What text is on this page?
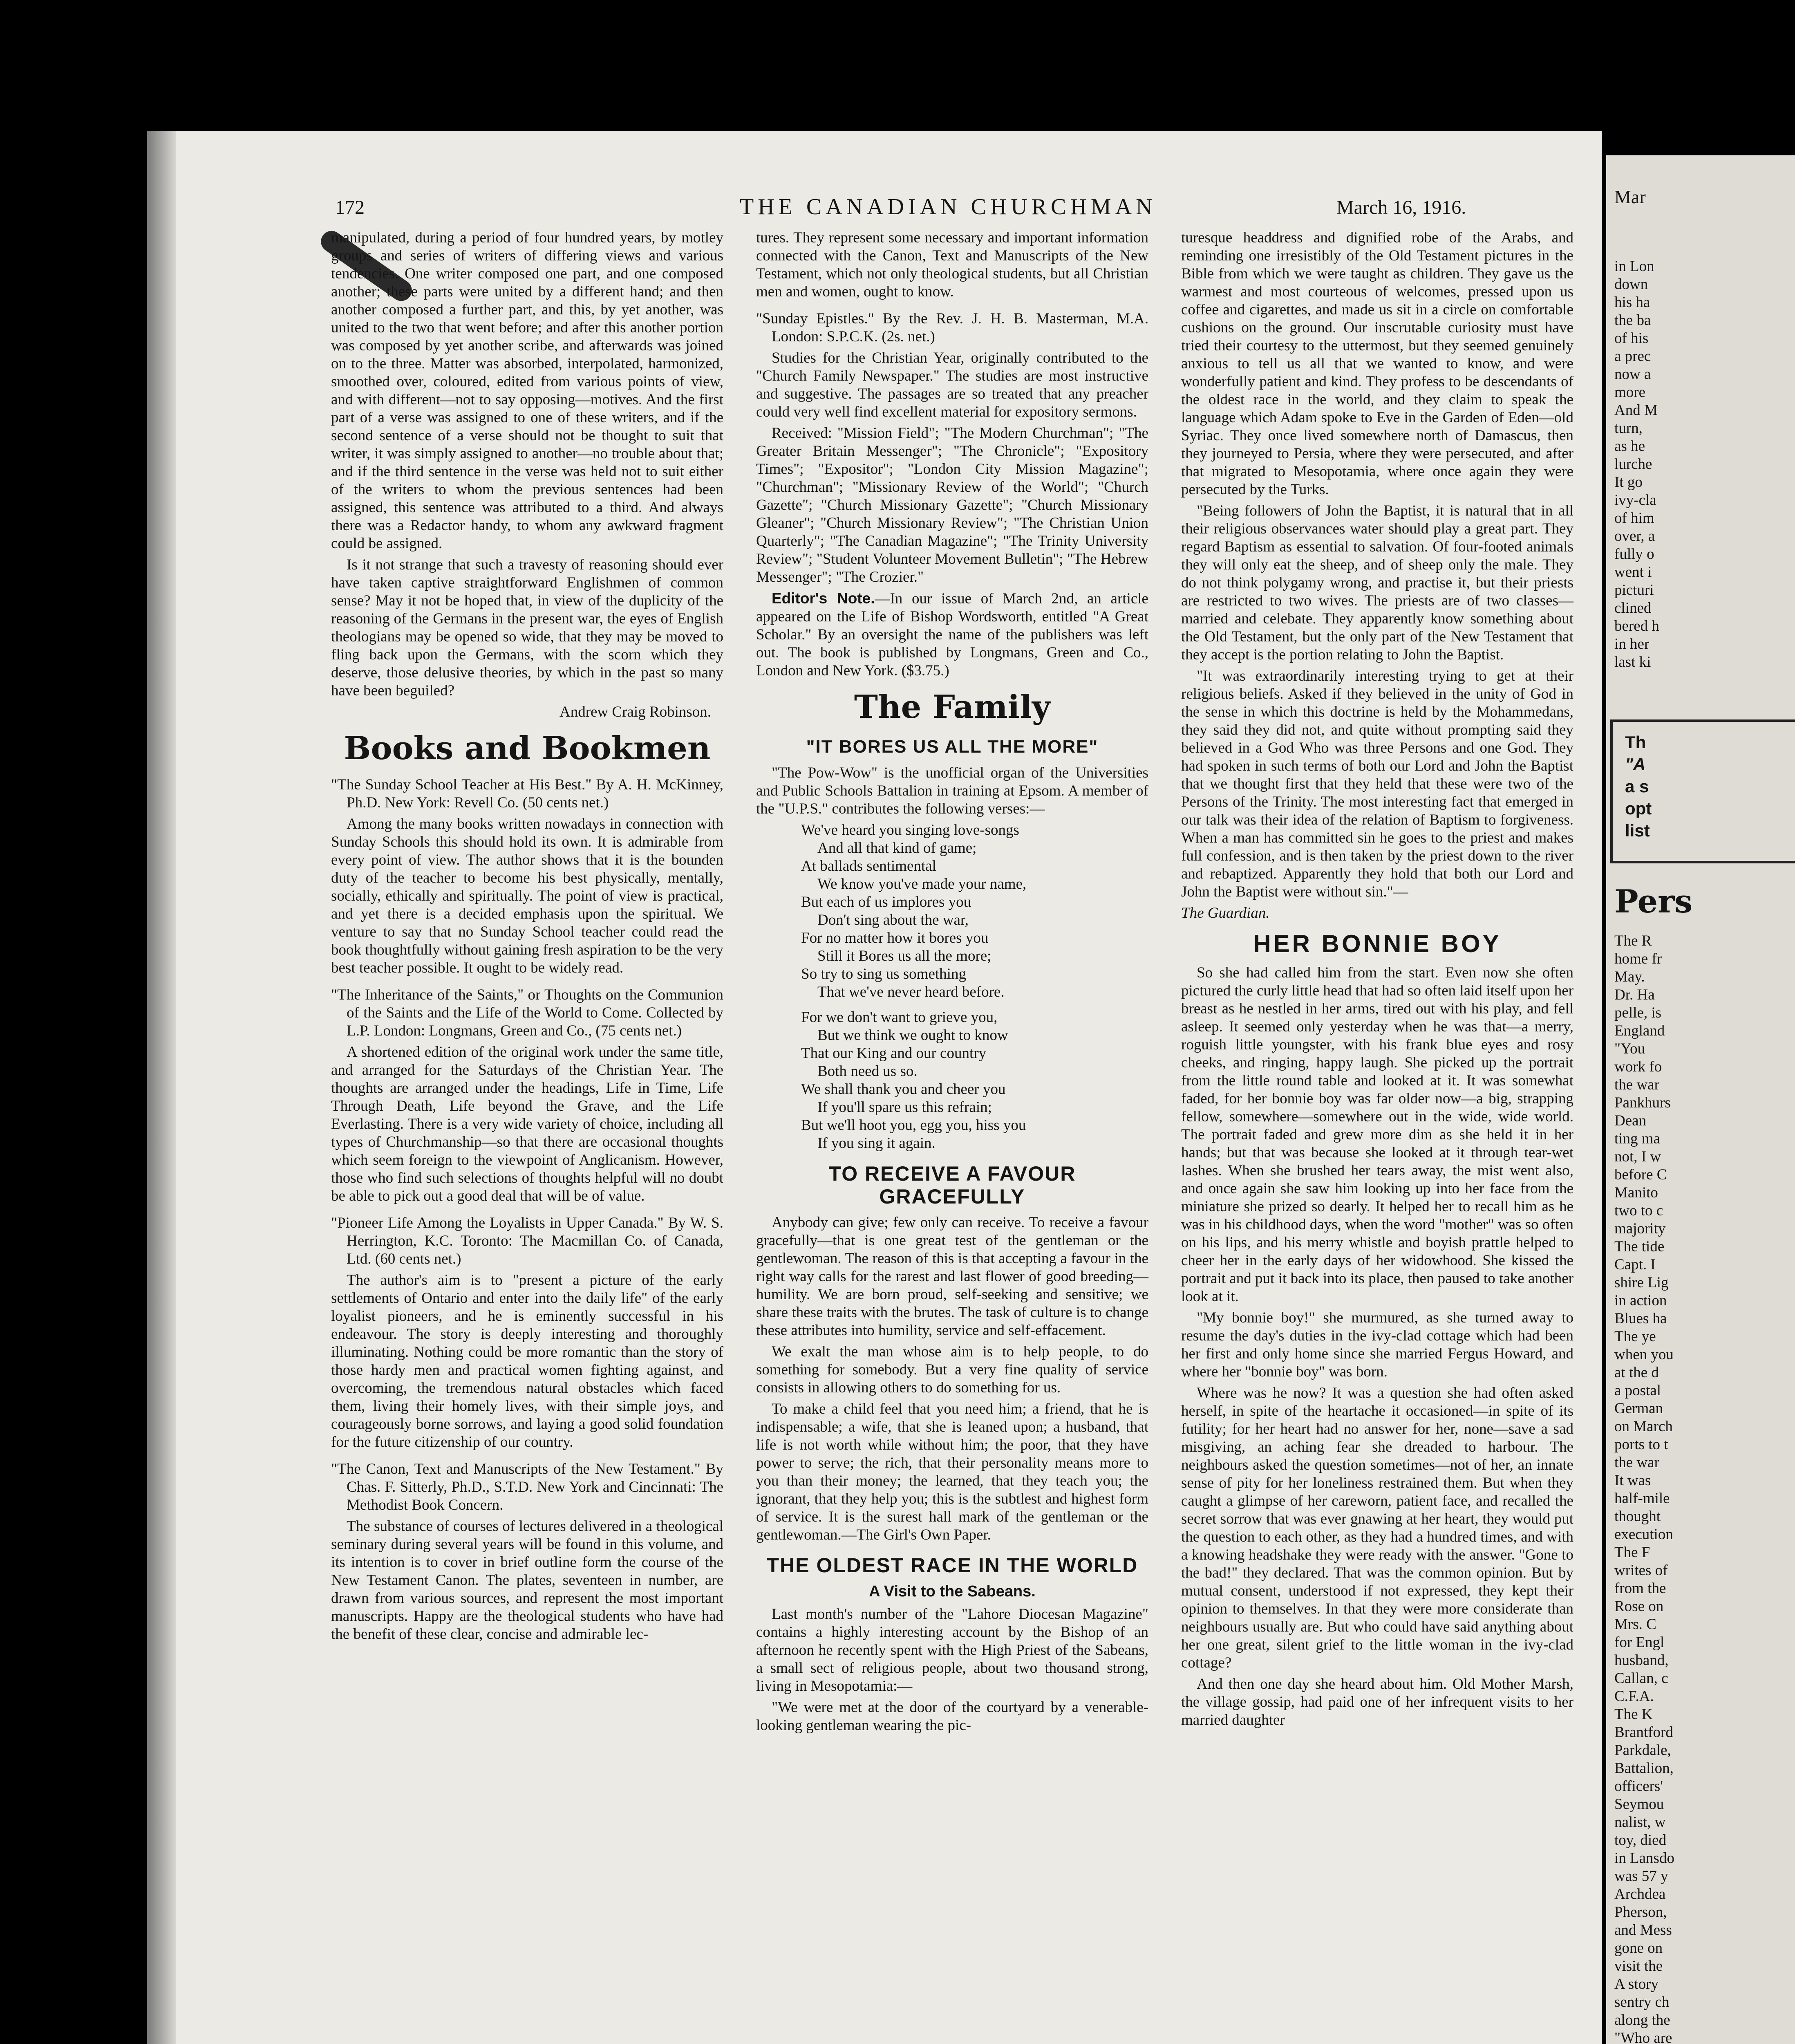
172	THE CANADIAN CHURCHMAN	March 16, 1916.

manipulated, during a period of four hundred years, by motley groups and series of writers of differing views and various tendencies. One writer composed one part, and one composed another; these parts were united by a different hand; and then another composed a further part, and this, by yet another, was united to the two that went before; and after this another portion was composed by yet another scribe, and afterwards was joined on to the three. Matter was absorbed, interpolated, harmonized, smoothed over, coloured, edited from various points of view, and with different—not to say opposing—motives. And the first part of a verse was assigned to one of these writers, and if the second sentence of a verse should not be thought to suit that writer, it was simply assigned to another—no trouble about that; and if the third sentence in the verse was held not to suit either of the writers to whom the previous sentences had been assigned, this sentence was attributed to a third. And always there was a Redactor handy, to whom any awkward fragment could be assigned.

Is it not strange that such a travesty of reasoning should ever have taken captive straightforward Englishmen of common sense? May it not be hoped that, in view of the duplicity of the reasoning of the Germans in the present war, the eyes of English theologians may be opened so wide, that they may be moved to fling back upon the Germans, with the scorn which they deserve, those delusive theories, by which in the past so many have been beguiled?

Andrew Craig Robinson.

Books and Bookmen

"The Sunday School Teacher at His Best." By A. H. McKinney, Ph.D. New York: Revell Co. (50 cents net.)

Among the many books written nowadays in connection with Sunday Schools this should hold its own. It is admirable from every point of view. The author shows that it is the bounden duty of the teacher to become his best physically, mentally, socially, ethically and spiritually. The point of view is practical, and yet there is a decided emphasis upon the spiritual. We venture to say that no Sunday School teacher could read the book thoughtfully without gaining fresh aspiration to be the very best teacher possible. It ought to be widely read.

"The Inheritance of the Saints," or Thoughts on the Communion of the Saints and the Life of the World to Come. Collected by L.P. London: Longmans, Green and Co., (75 cents net.)

A shortened edition of the original work under the same title, and arranged for the Saturdays of the Christian Year. The thoughts are arranged under the headings, Life in Time, Life Through Death, Life beyond the Grave, and the Life Everlasting. There is a very wide variety of choice, including all types of Churchmanship—so that there are occasional thoughts which seem foreign to the viewpoint of Anglicanism. However, those who find such selections of thoughts helpful will no doubt be able to pick out a good deal that will be of value.

"Pioneer Life Among the Loyalists in Upper Canada." By W. S. Herrington, K.C. Toronto: The Macmillan Co. of Canada, Ltd. (60 cents net.)

The author's aim is to "present a picture of the early settlements of Ontario and enter into the daily life" of the early loyalist pioneers, and he is eminently successful in his endeavour. The story is deeply interesting and thoroughly illuminating. Nothing could be more romantic than the story of those hardy men and practical women fighting against, and overcoming, the tremendous natural obstacles which faced them, living their homely lives, with their simple joys, and courageously borne sorrows, and laying a good solid foundation for the future citizenship of our country.

"The Canon, Text and Manuscripts of the New Testament." By Chas. F. Sitterly, Ph.D., S.T.D. New York and Cincinnati: The Methodist Book Concern.

The substance of courses of lectures delivered in a theological seminary during several years will be found in this volume, and its intention is to cover in brief outline form the course of the New Testament Canon. The plates, seventeen in number, are drawn from various sources, and represent the most important manuscripts. Happy are the theological students who have had the benefit of these clear, concise and admirable lec-

tures. They represent some necessary and important information connected with the Canon, Text and Manuscripts of the New Testament, which not only theological students, but all Christian men and women, ought to know.

"Sunday Epistles." By the Rev. J. H. B. Masterman, M.A. London: S.P.C.K. (2s. net.)

Studies for the Christian Year, originally contributed to the "Church Family Newspaper." The studies are most instructive and suggestive. The passages are so treated that any preacher could very well find excellent material for expository sermons.

Received: "Mission Field"; "The Modern Churchman"; "The Greater Britain Messenger"; "The Chronicle"; "Expository Times"; "Expositor"; "London City Mission Magazine"; "Churchman"; "Missionary Review of the World"; "Church Gazette"; "Church Missionary Gazette"; "Church Missionary Gleaner"; "Church Missionary Review"; "The Christian Union Quarterly"; "The Canadian Magazine"; "The Trinity University Review"; "Student Volunteer Movement Bulletin"; "The Hebrew Messenger"; "The Crozier."

Editor's Note.—In our issue of March 2nd, an article appeared on the Life of Bishop Wordsworth, entitled "A Great Scholar." By an oversight the name of the publishers was left out. The book is published by Longmans, Green and Co., London and New York. ($3.75.)

The Family
"IT BORES US ALL THE MORE"

"The Pow-Wow" is the unofficial organ of the Universities and Public Schools Battalion in training at Epsom. A member of the "U.P.S." contributes the following verses:—

We've heard you singing love-songs
And all that kind of game;
At ballads sentimental
We know you've made your name,
But each of us implores you
Don't sing about the war,
For no matter how it bores you
Still it Bores us all the more;
So try to sing us something
That we've never heard before.
For we don't want to grieve you,
But we think we ought to know
That our King and our country
Both need us so.
We shall thank you and cheer you
If you'll spare us this refrain;
But we'll hoot you, egg you, hiss you
If you sing it again.
TO RECEIVE A FAVOUR GRACEFULLY

Anybody can give; few only can receive. To receive a favour gracefully—that is one great test of the gentleman or the gentlewoman. The reason of this is that accepting a favour in the right way calls for the rarest and last flower of good breeding—humility. We are born proud, self-seeking and sensitive; we share these traits with the brutes. The task of culture is to change these attributes into humility, service and self-effacement.

We exalt the man whose aim is to help people, to do something for somebody. But a very fine quality of service consists in allowing others to do something for us.

To make a child feel that you need him; a friend, that he is indispensable; a wife, that she is leaned upon; a husband, that life is not worth while without him; the poor, that they have power to serve; the rich, that their personality means more to you than their money; the learned, that they teach you; the ignorant, that they help you; this is the subtlest and highest form of service. It is the surest hall mark of the gentleman or the gentlewoman.—The Girl's Own Paper.

THE OLDEST RACE IN THE WORLD
A Visit to the Sabeans.

Last month's number of the "Lahore Diocesan Magazine" contains a highly interesting account by the Bishop of an afternoon he recently spent with the High Priest of the Sabeans, a small sect of religious people, about two thousand strong, living in Mesopotamia:—

"We were met at the door of the courtyard by a venerable-looking gentleman wearing the pic-

turesque headdress and dignified robe of the Arabs, and reminding one irresistibly of the Old Testament pictures in the Bible from which we were taught as children. They gave us the warmest and most courteous of welcomes, pressed upon us coffee and cigarettes, and made us sit in a circle on comfortable cushions on the ground. Our inscrutable curiosity must have tried their courtesy to the uttermost, but they seemed genuinely anxious to tell us all that we wanted to know, and were wonderfully patient and kind. They profess to be descendants of the oldest race in the world, and they claim to speak the language which Adam spoke to Eve in the Garden of Eden—old Syriac. They once lived somewhere north of Damascus, then they journeyed to Persia, where they were persecuted, and after that migrated to Mesopotamia, where once again they were persecuted by the Turks.

"Being followers of John the Baptist, it is natural that in all their religious observances water should play a great part. They regard Baptism as essential to salvation. Of four-footed animals they will only eat the sheep, and of sheep only the male. They do not think polygamy wrong, and practise it, but their priests are restricted to two wives. The priests are of two classes—married and celebate. They apparently know something about the Old Testament, but the only part of the New Testament that they accept is the portion relating to John the Baptist.

"It was extraordinarily interesting trying to get at their religious beliefs. Asked if they believed in the unity of God in the sense in which this doctrine is held by the Mohammedans, they said they did not, and quite without prompting said they believed in a God Who was three Persons and one God. They had spoken in such terms of both our Lord and John the Baptist that we thought first that they held that these were two of the Persons of the Trinity. The most interesting fact that emerged in our talk was their idea of the relation of Baptism to forgiveness. When a man has committed sin he goes to the priest and makes full confession, and is then taken by the priest down to the river and rebaptized. Apparently they hold that both our Lord and John the Baptist were without sin."—

The Guardian.

HER BONNIE BOY

So she had called him from the start. Even now she often pictured the curly little head that had so often laid itself upon her breast as he nestled in her arms, tired out with his play, and fell asleep. It seemed only yesterday when he was that—a merry, roguish little youngster, with his frank blue eyes and rosy cheeks, and ringing, happy laugh. She picked up the portrait from the little round table and looked at it. It was somewhat faded, for her bonnie boy was far older now—a big, strapping fellow, somewhere—somewhere out in the wide, wide world. The portrait faded and grew more dim as she held it in her hands; but that was because she looked at it through tear-wet lashes. When she brushed her tears away, the mist went also, and once again she saw him looking up into her face from the miniature she prized so dearly. It helped her to recall him as he was in his childhood days, when the word "mother" was so often on his lips, and his merry whistle and boyish prattle helped to cheer her in the early days of her widowhood. She kissed the portrait and put it back into its place, then paused to take another look at it.

"My bonnie boy!" she murmured, as she turned away to resume the day's duties in the ivy-clad cottage which had been her first and only home since she married Fergus Howard, and where her "bonnie boy" was born.

Where was he now? It was a question she had often asked herself, in spite of the heartache it occasioned—in spite of its futility; for her heart had no answer for her, none—save a sad misgiving, an aching fear she dreaded to harbour. The neighbours asked the question sometimes—not of her, an innate sense of pity for her loneliness restrained them. But when they caught a glimpse of her careworn, patient face, and recalled the secret sorrow that was ever gnawing at her heart, they would put the question to each other, as they had a hundred times, and with a knowing headshake they were ready with the answer. "Gone to the bad!" they declared. That was the common opinion. But by mutual consent, understood if not expressed, they kept their opinion to themselves. In that they were more considerate than neighbours usually are. But who could have said anything about her one great, silent grief to the little woman in the ivy-clad cottage?

And then one day she heard about him. Old Mother Marsh, the village gossip, had paid one of her infrequent visits to her married daughter

Mar
in Lon
down
his ha
the ba
of his
a prec
now a
more
And M
turn,
as he
lurche
It go
ivy-cla
of him
over, a
fully o
went i
picturi
clined
bered h
in her
last ki
Th
"A
a s
opt
list
Pers
The R
home fr
May.
Dr. Ha
pelle, is
England
"You
work fo
the war
Pankhurs
Dean
ting ma
not, I w
before C
Manito
two to c
majority
The tide
Capt. I
shire Lig
in action
Blues ha
The ye
when you
at the d
a postal
German
on March
ports to t
the war
It was
half-mile
thought
execution
The F
writes of
from the
Rose on
Mrs. C
for Engl
husband,
Callan, c
C.F.A.
The K
Brantford
Parkdale,
Battalion,
officers'
Seymou
nalist, w
toy, died
in Lansdo
was 57 y
Archdea
Pherson,
and Mess
gone on
visit the
A story
sentry ch
along the
"Who are
